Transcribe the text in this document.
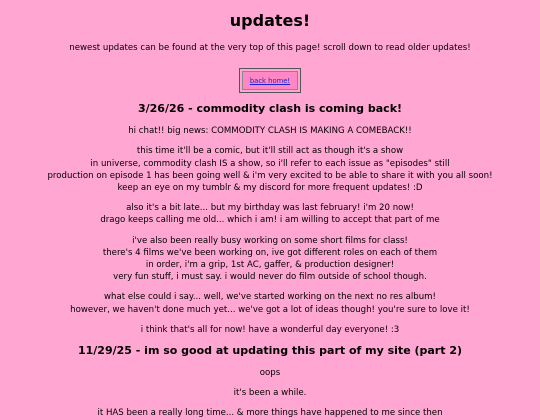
updates!

newest updates can be found at the very top of this page! scroll down to read older updates!

back home!
3/26/26 - commodity clash is coming back!

hi chat!! big news: COMMODITY CLASH IS MAKING A COMEBACK!!

this time it'll be a comic, but it'll still act as though it's a show

in universe, commodity clash IS a show, so i'll refer to each issue as "episodes" still

production on episode 1 has been going well & i'm very excited to be able to share it with you all soon!

keep an eye on my tumblr & my discord for more frequent updates! :D

also it's a bit late... but my birthday was last february! i'm 20 now!

drago keeps calling me old... which i am! i am willing to accept that part of me

i've also been really busy working on some short films for class!

there's 4 films we've been working on, ive got different roles on each of them

in order, i'm a grip, 1st AC, gaffer, & production designer!

very fun stuff, i must say. i would never do film outside of school though.

what else could i say... well, we've started working on the next no res album!

however, we haven't done much yet... we've got a lot of ideas though! you're sure to love it!

i think that's all for now! have a wonderful day everyone! :3

11/29/25 - im so good at updating this part of my site (part 2)

oops

it's been a while.

it HAS been a really long time... & more things have happened to me since then
